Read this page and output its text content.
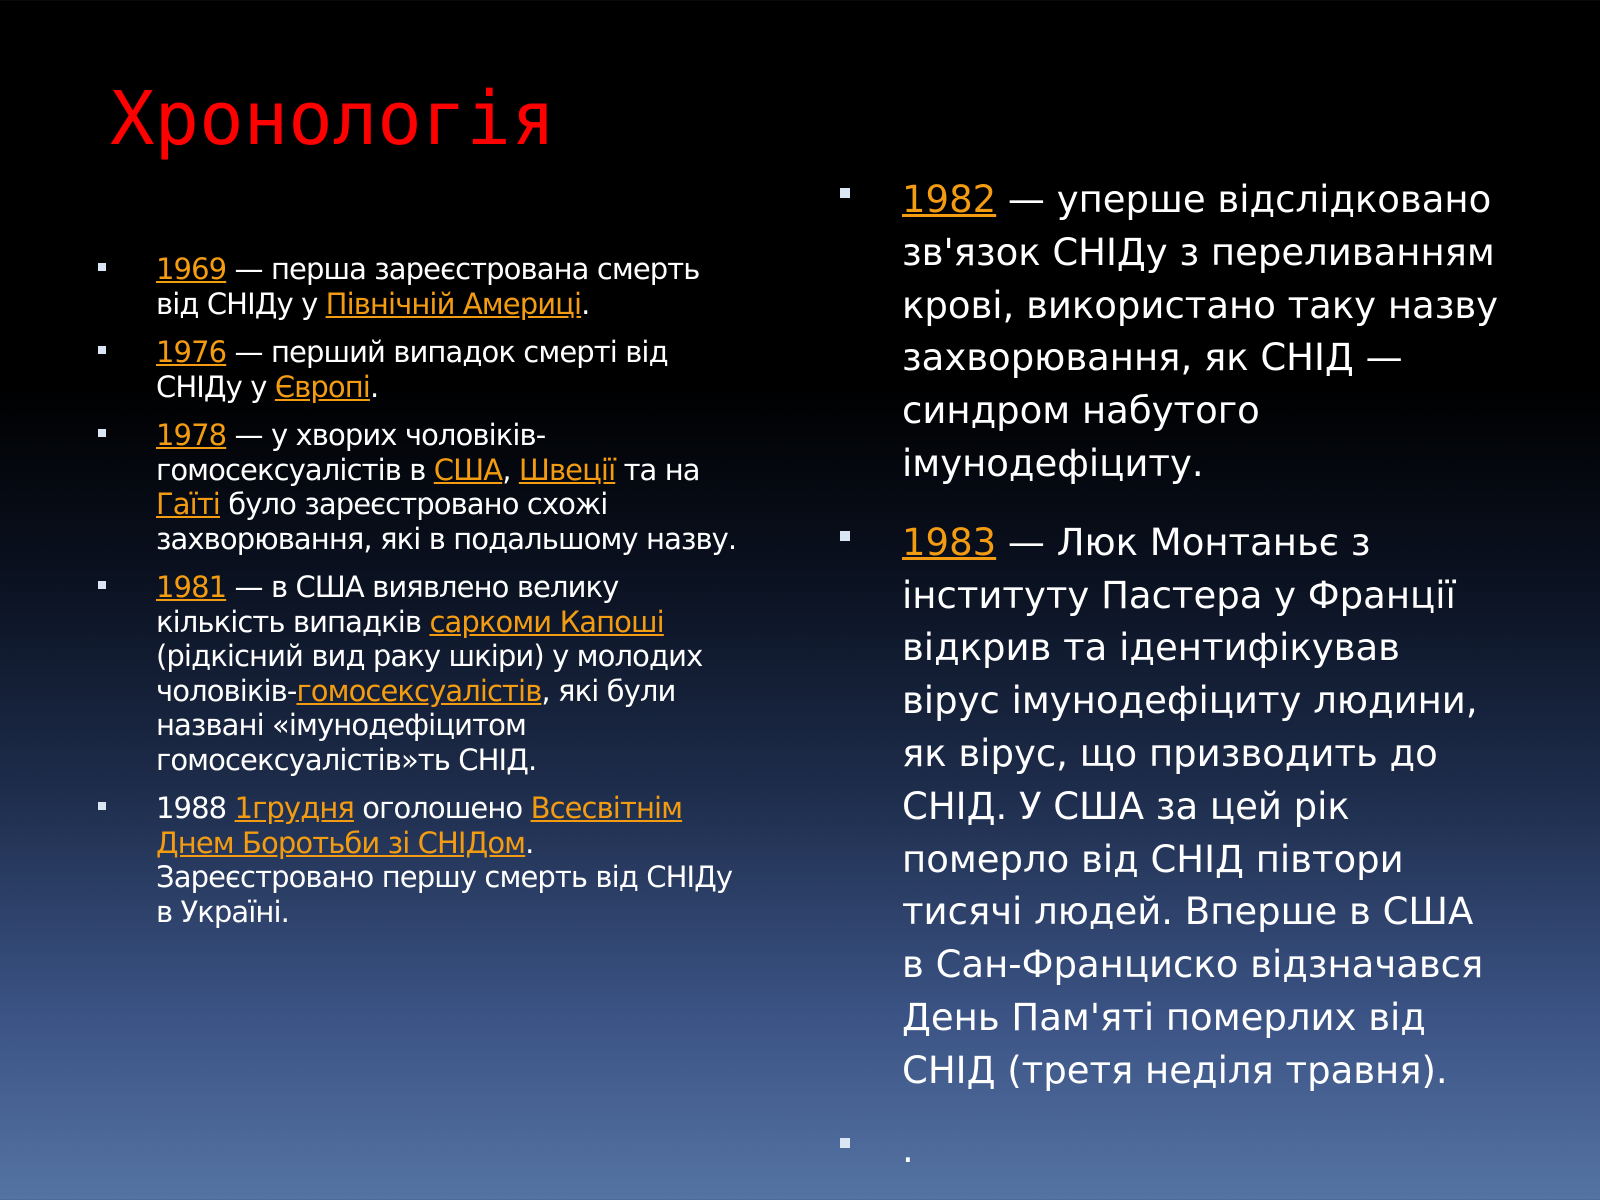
Хронологія
1969 — перша зареєстрована смерть від СНІДу у Північній Америці.
1976 — перший випадок смерті від СНІДу у Європі.
1978 — у хворих чоловіків-гомосексуалістів в США, Швеції та на Гаїті було зареєстровано схожі захворювання, які в подальшому назву.
1981 — в США виявлено велику кількість випадків саркоми Капоші (рідкісний вид раку шкіри) у молодих чоловіків-гомосексуалістів, які були названі «імунодефіцитом гомосексуалістів»ть СНІД.
1988 1грудня оголошено Всесвітнім Днем Боротьби зі СНІДом. Зареєстровано першу смерть від СНІДу в Україні.
1982 — уперше відслідковано зв'язок СНІДу з переливанням крові, використано таку назву захворювання, як СНІД — синдром набутого імунодефіциту.
1983 — Люк Монтаньє з інституту Пастера у Франції відкрив та ідентифікував вірус імунодефіциту людини, як вірус, що призводить до СНІД. У США за цей рік померло від СНІД півтори тисячі людей. Вперше в США в Сан-Франциско відзначався День Пам'яті померлих від СНІД (третя неділя травня).
.
